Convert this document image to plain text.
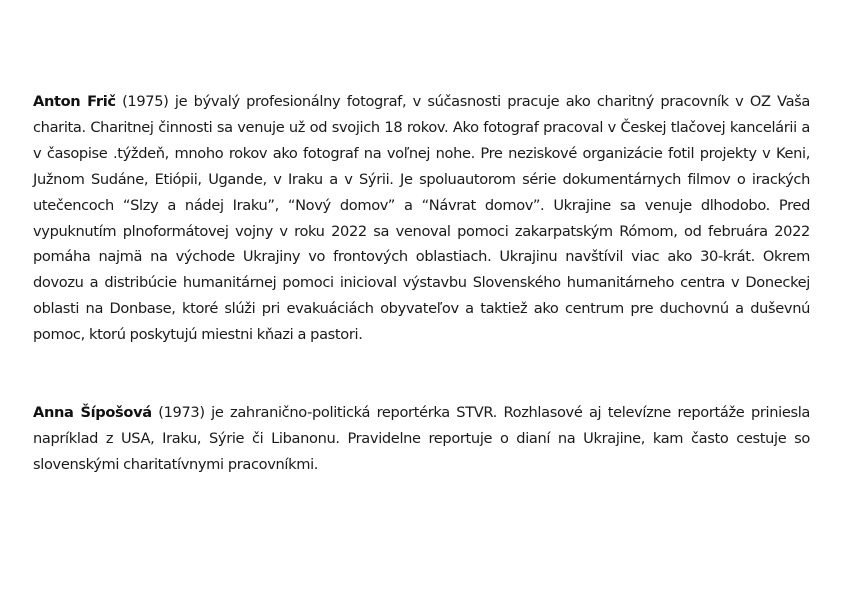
Anton Frič (1975) je bývalý profesionálny fotograf, v súčasnosti pracuje ako charitný pracovník v OZ Vaša charita. Charitnej činnosti sa venuje už od svojich 18 rokov. Ako fotograf pracoval v Českej tlačovej kancelárii a v časopise .týždeň, mnoho rokov ako fotograf na voľnej nohe. Pre neziskové organizácie fotil projekty v Keni, Južnom Sudáne, Etiópii, Ugande, v Iraku a v Sýrii. Je spoluautorom série dokumentárnych filmov o irackých utečencoch “Slzy a nádej Iraku”, “Nový domov” a “Návrat domov”. Ukrajine sa venuje dlhodobo. Pred vypuknutím plnoformátovej vojny v roku 2022 sa venoval pomoci zakarpatským Rómom, od februára 2022 pomáha najmä na východe Ukrajiny vo frontových oblastiach. Ukrajinu navštívil viac ako 30-krát. Okrem dovozu a distribúcie humanitárnej pomoci inicioval výstavbu Slovenského humanitárneho centra v Doneckej oblasti na Donbase, ktoré slúži pri evakuáciách obyvateľov a taktiež ako centrum pre duchovnú a duševnú pomoc, ktorú poskytujú miestni kňazi a pastori.

Anna Šípošová (1973) je zahranično-politická reportérka STVR. Rozhlasové aj televízne reportáže priniesla napríklad z USA, Iraku, Sýrie či Libanonu. Pravidelne reportuje o dianí na Ukrajine, kam často cestuje so slovenskými charitatívnymi pracovníkmi.
